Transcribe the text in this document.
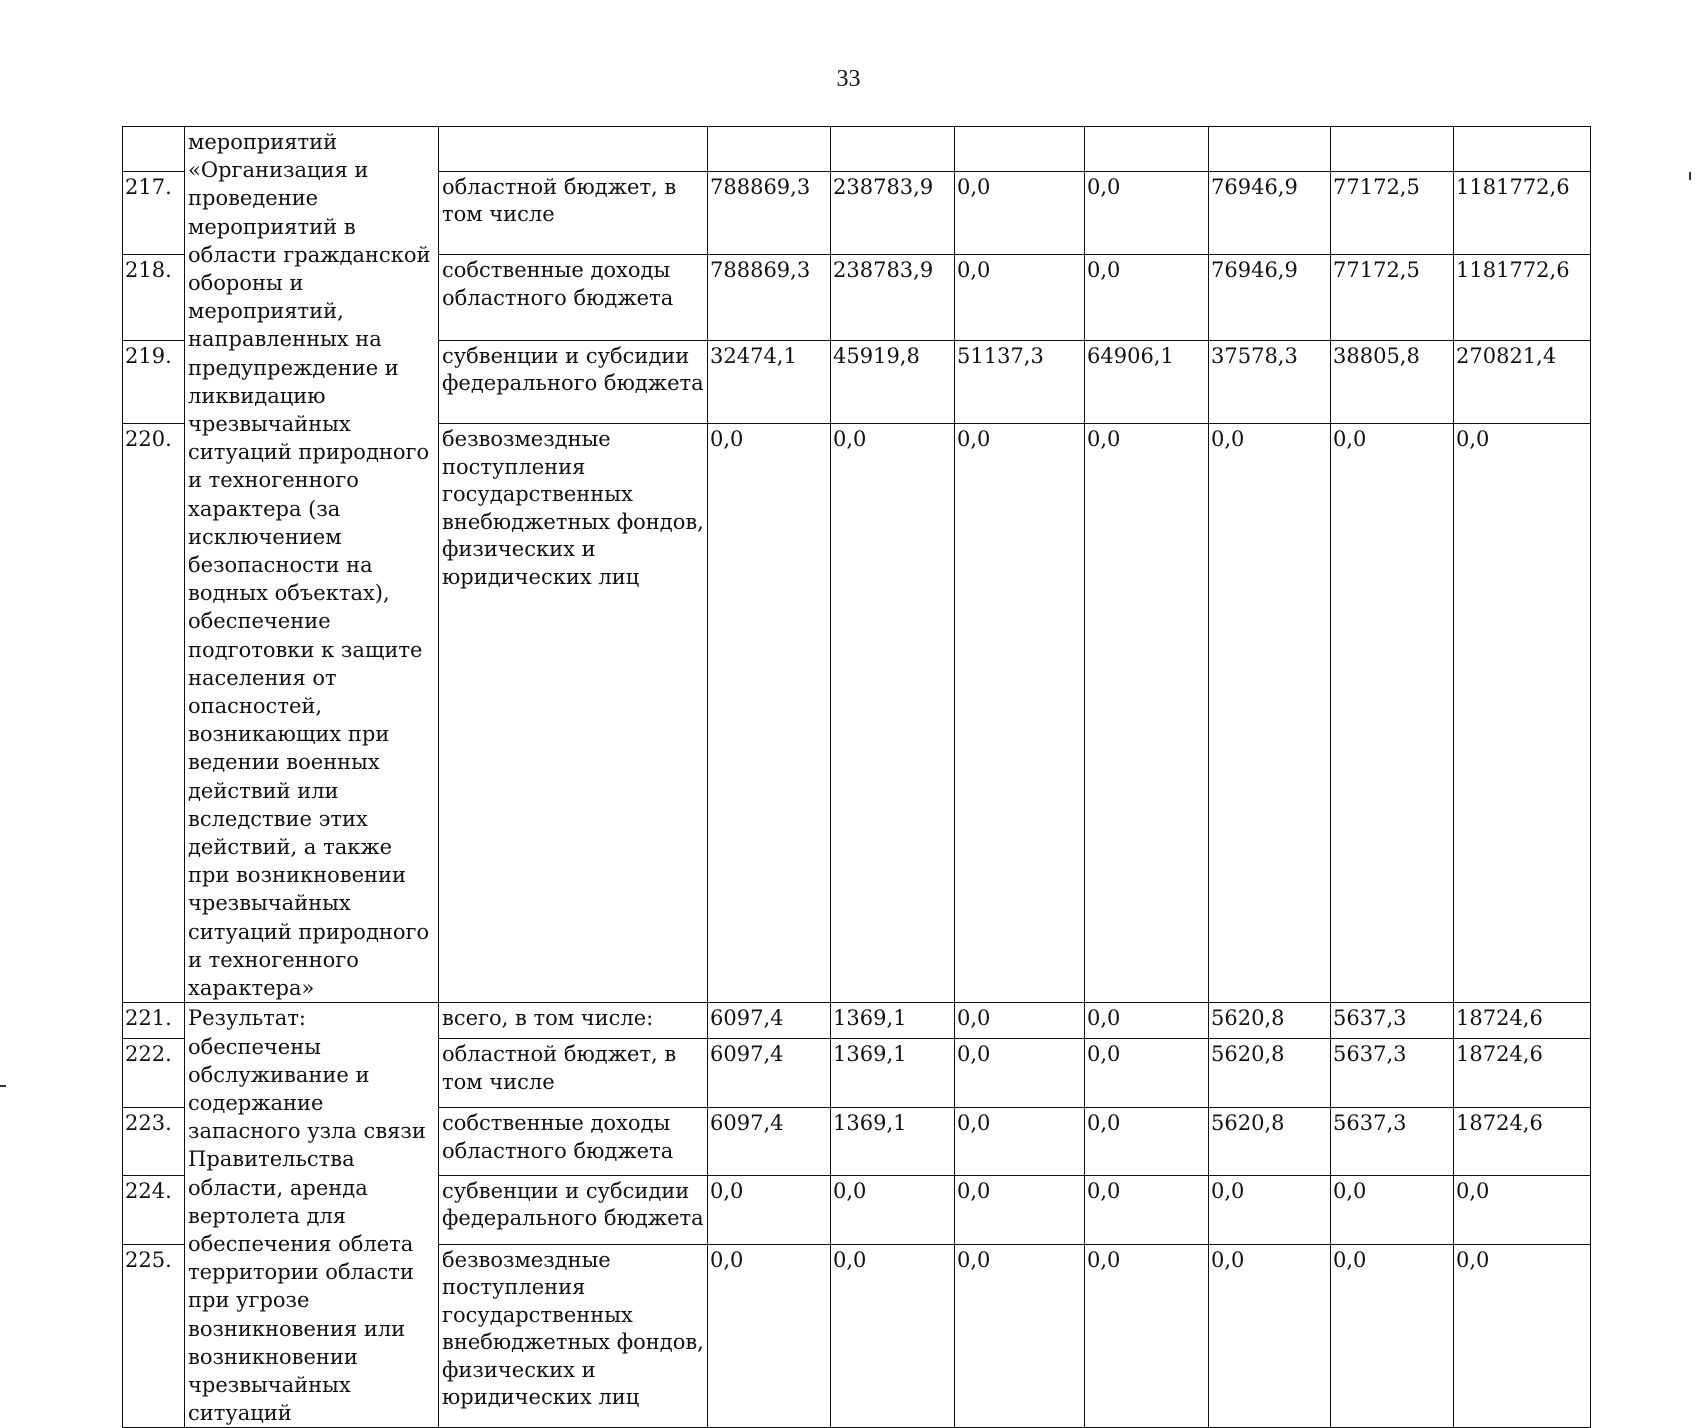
33
	мероприятий «Организация и проведение мероприятий в области гражданской обороны и мероприятий, направленных на предупреждение и ликвидацию чрезвычайных ситуаций природного и техногенного характера (за исключением безопасности на водных объектах), обеспечение подготовки к защите населения от опасностей, возникающих при ведении военных действий или вследствие этих действий, а также при возникновении чрезвычайных ситуаций природного и техногенного характера»								
217.		областной бюджет, в том числе	788869,3	238783,9	0,0	0,0	76946,9	77172,5	1181772,6
218.		собственные доходы областного бюджета	788869,3	238783,9	0,0	0,0	76946,9	77172,5	1181772,6
219.		субвенции и субсидии федерального бюджета	32474,1	45919,8	51137,3	64906,1	37578,3	38805,8	270821,4
220.		безвозмездные поступления государственных внебюджетных фондов, физических и юридических лиц	0,0	0,0	0,0	0,0	0,0	0,0	0,0
221.	Результат: обеспечены обслуживание и содержание запасного узла связи Правительства области, аренда вертолета для обеспечения облета территории области при угрозе возникновения или возникновении чрезвычайных ситуаций	всего, в том числе:	6097,4	1369,1	0,0	0,0	5620,8	5637,3	18724,6
222.		областной бюджет, в том числе	6097,4	1369,1	0,0	0,0	5620,8	5637,3	18724,6
223.		собственные доходы областного бюджета	6097,4	1369,1	0,0	0,0	5620,8	5637,3	18724,6
224.		субвенции и субсидии федерального бюджета	0,0	0,0	0,0	0,0	0,0	0,0	0,0
225.		безвозмездные поступления государственных внебюджетных фондов, физических и юридических лиц	0,0	0,0	0,0	0,0	0,0	0,0	0,0
